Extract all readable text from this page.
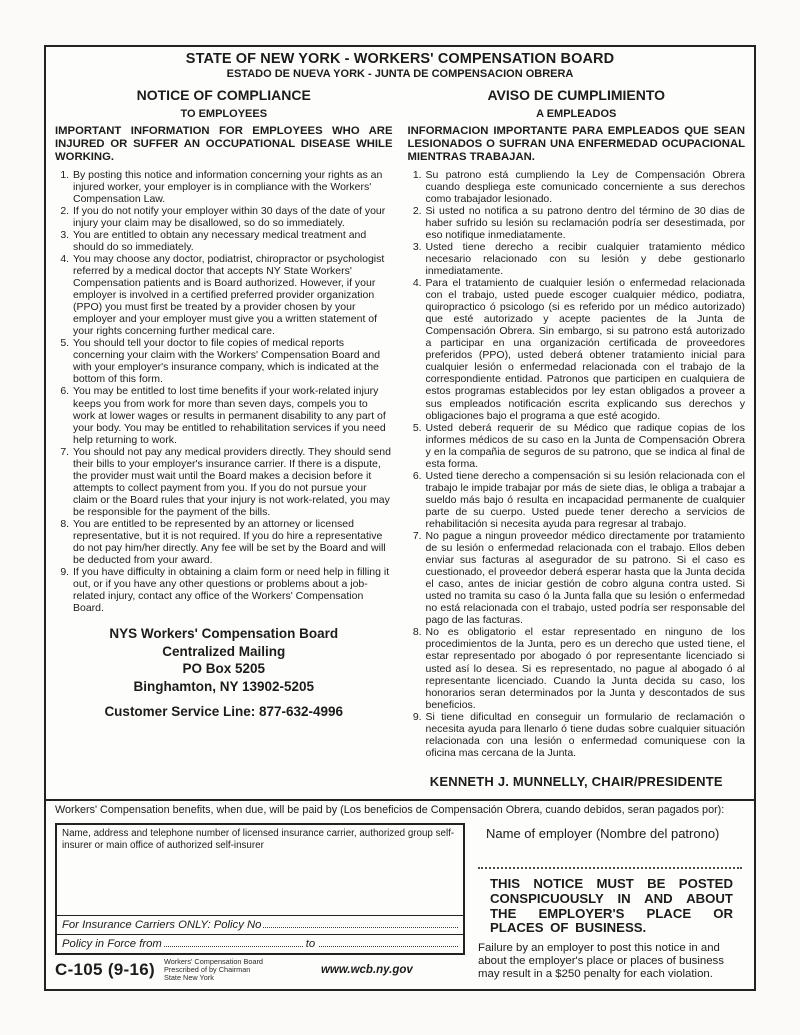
STATE OF NEW YORK - WORKERS' COMPENSATION BOARD
ESTADO DE NUEVA YORK - JUNTA DE COMPENSACION OBRERA
NOTICE OF COMPLIANCE
TO EMPLOYEES
IMPORTANT INFORMATION FOR EMPLOYEES WHO ARE INJURED OR SUFFER AN OCCUPATIONAL DISEASE WHILE WORKING.
1. By posting this notice and information concerning your rights as an injured worker, your employer is in compliance with the Workers' Compensation Law.
2. If you do not notify your employer within 30 days of the date of your injury your claim may be disallowed, so do so immediately.
3. You are entitled to obtain any necessary medical treatment and should do so immediately.
4. You may choose any doctor, podiatrist, chiropractor or psychologist referred by a medical doctor that accepts NY State Workers' Compensation patients and is Board authorized. However, if your employer is involved in a certified preferred provider organization (PPO) you must first be treated by a provider chosen by your employer and your employer must give you a written statement of your rights concerning further medical care.
5. You should tell your doctor to file copies of medical reports concerning your claim with the Workers' Compensation Board and with your employer's insurance company, which is indicated at the bottom of this form.
6. You may be entitled to lost time benefits if your work-related injury keeps you from work for more than seven days, compels you to work at lower wages or results in permanent disability to any part of your body. You may be entitled to rehabilitation services if you need help returning to work.
7. You should not pay any medical providers directly. They should send their bills to your employer's insurance carrier. If there is a dispute, the provider must wait until the Board makes a decision before it attempts to collect payment from you. If you do not pursue your claim or the Board rules that your injury is not work-related, you may be responsible for the payment of the bills.
8. You are entitled to be represented by an attorney or licensed representative, but it is not required. If you do hire a representative do not pay him/her directly. Any fee will be set by the Board and will be deducted from your award.
9. If you have difficulty in obtaining a claim form or need help in filling it out, or if you have any other questions or problems about a job-related injury, contact any office of the Workers' Compensation Board.
NYS Workers' Compensation Board
Centralized Mailing
PO Box 5205
Binghamton, NY 13902-5205
Customer Service Line: 877-632-4996
AVISO DE CUMPLIMIENTO
A EMPLEADOS
INFORMACION IMPORTANTE PARA EMPLEADOS QUE SEAN LESIONADOS O SUFRAN UNA ENFERMEDAD OCUPACIONAL MIENTRAS TRABAJAN.
1. Su patrono está cumpliendo la Ley de Compensación Obrera cuando despliega este comunicado concerniente a sus derechos como trabajador lesionado.
2. Si usted no notifica a su patrono dentro del término de 30 dias de haber sufrido su lesión su reclamación podría ser desestimada, por eso notifique inmediatamente.
3. Usted tiene derecho a recibir cualquier tratamiento médico necesario relacionado con su lesión y debe gestionarlo inmediatamente.
4. Para el tratamiento de cualquier lesión o enfermedad relacionada con el trabajo, usted puede escoger cualquier médico, podiatra, quiropractico ó psicologo (si es referido por un médico autorizado) que esté autorizado y acepte pacientes de la Junta de Compensación Obrera. Sin embargo, si su patrono está autorizado a participar en una organización certificada de proveedores preferidos (PPO), usted deberá obtener tratamiento inicial para cualquier lesión o enfermedad relacionada con el trabajo de la correspondiente entidad. Patronos que participen en cualquiera de estos programas establecidos por ley estan obligados a proveer a sus empleados notificación escrita explicando sus derechos y obligaciones bajo el programa a que esté acogido.
5. Usted deberá requerir de su Médico que radique copias de los informes médicos de su caso en la Junta de Compensación Obrera y en la compañia de seguros de su patrono, que se indica al final de esta forma.
6. Usted tiene derecho a compensación si su lesión relacionada con el trabajo le impide trabajar por más de siete dias, le obliga a trabajar a sueldo más bajo ó resulta en incapacidad permanente de cualquier parte de su cuerpo. Usted puede tener derecho a servicios de rehabilitación si necesita ayuda para regresar al trabajo.
7. No pague a ningun proveedor médico directamente por tratamiento de su lesión o enfermedad relacionada con el trabajo. Ellos deben enviar sus facturas al asegurador de su patrono. Si el caso es cuestionado, el proveedor deberá esperar hasta que la Junta decida el caso, antes de iniciar gestión de cobro alguna contra usted. Si usted no tramita su caso ó la Junta falla que su lesión o enfermedad no está relacionada con el trabajo, usted podría ser responsable del pago de las facturas.
8. No es obligatorio el estar representado en ninguno de los procedimientos de la Junta, pero es un derecho que usted tiene, el estar representado por abogado ó por representante licenciado si usted así lo desea. Si es representado, no pague al abogado ó al representante licenciado. Cuando la Junta decida su caso, los honorarios seran determinados por la Junta y descontados de sus beneficios.
9. Si tiene dificultad en conseguir un formulario de reclamación o necesita ayuda para llenarlo ó tiene dudas sobre cualquier situación relacionada con una lesión o enfermedad comuniquese con la oficina mas cercana de la Junta.
KENNETH J. MUNNELLY, CHAIR/PRESIDENTE
Workers' Compensation benefits, when due, will be paid by (Los beneficios de Compensación Obrera, cuando debidos, seran pagados por):
Name, address and telephone number of licensed insurance carrier, authorized group self-insurer or main office of authorized self-insurer
For Insurance Carriers ONLY: Policy No
Policy in Force from	to
C-105 (9-16) Workers' Compensation Board
Prescribed of by Chairman
State New York
www.wcb.ny.gov
Name of employer (Nombre del patrono)
THIS NOTICE MUST BE POSTED CONSPICUOUSLY IN AND ABOUT THE EMPLOYER'S PLACE OR PLACES OF BUSINESS.
Failure by an employer to post this notice in and about the employer's place or places of business may result in a $250 penalty for each violation.
